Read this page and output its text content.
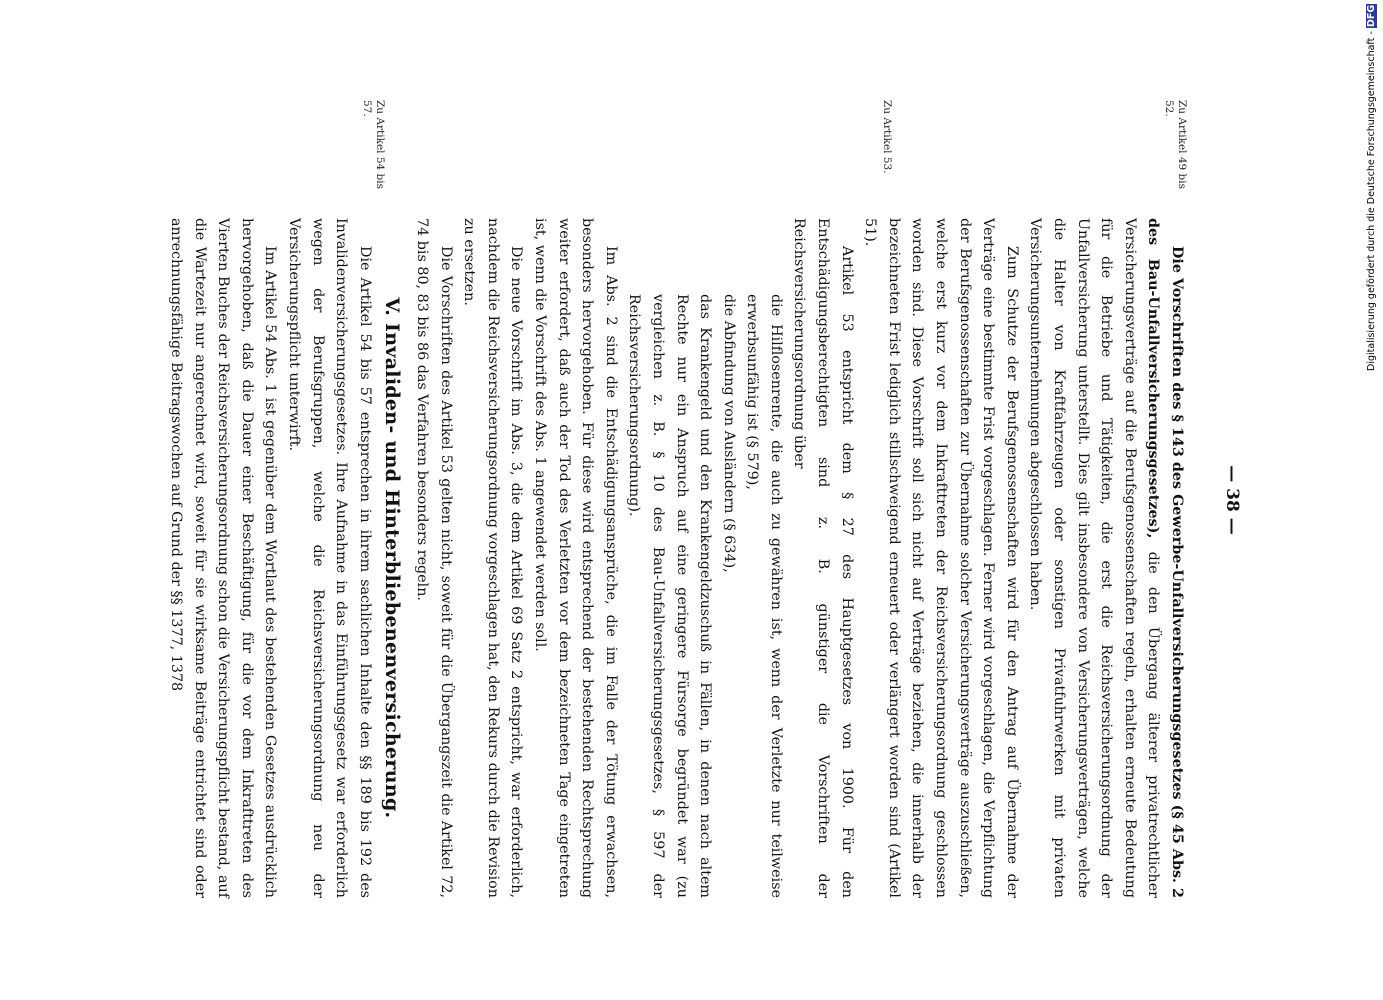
— 38 —
Zu Artikel 49 bis 52.
Zu Artikel 53.
Zu Artikel 54 bis 57.

Die Vorschriften des § 143 des Gewerbe-Unfallversicherungsgesetzes (§ 45 Abs. 2 des Bau-Unfallversicherungsgesetzes), die den Übergang älterer privatrechtlicher Versicherungsverträge auf die Berufsgenossenschaften regeln, erhalten erneute Bedeutung für die Betriebe und Tätigkeiten, die erst die Reichsversicherungsordnung der Unfallversicherung unterstellt. Dies gilt insbesondere von Versicherungsverträgen, welche die Halter von Kraftfahrzeugen oder sonstigen Privatfuhrwerken mit privaten Versicherungsunternehmungen abgeschlossen haben.

Zum Schutze der Berufsgenossenschaften wird für den Antrag auf Übernahme der Verträge eine bestimmte Frist vorgeschlagen. Ferner wird vorgeschlagen, die Verpflichtung der Berufsgenossenschaften zur Übernahme solcher Versicherungsverträge auszuschließen, welche erst kurz vor dem Inkrafttreten der Reichsversicherungsordnung geschlossen worden sind. Diese Vorschrift soll sich nicht auf Verträge beziehen, die innerhalb der bezeichneten Frist lediglich stillschweigend erneuert oder verlängert worden sind (Artikel 51).

Artikel 53 entspricht dem § 27 des Hauptgesetzes von 1900. Für den Entschädigungsberechtigten sind z. B. günstiger die Vorschriften der Reichsversicherungsordnung über

die Hilflosenrente, die auch zu gewähren ist, wenn der Verletzte nur teilweise erwerbsunfähig ist (§ 579),

die Abfindung von Ausländern (§ 634),

das Krankengeld und den Krankengeldzuschuß in Fällen, in denen nach altem Rechte nur ein Anspruch auf eine geringere Fürsorge begründet war (zu vergleichen z. B. § 10 des Bau-Unfallversicherungsgesetzes, § 597 der Reichsversicherungsordnung).

Im Abs. 2 sind die Entschädigungsansprüche, die im Falle der Tötung erwachsen, besonders hervorgehoben. Für diese wird entsprechend der bestehenden Rechtsprechung weiter erfordert, daß auch der Tod des Verletzten vor dem bezeichneten Tage eingetreten ist, wenn die Vorschrift des Abs. 1 angewendet werden soll.

Die neue Vorschrift im Abs. 3, die dem Artikel 69 Satz 2 entspricht, war erforderlich, nachdem die Reichsversicherungsordnung vorgeschlagen hat, den Rekurs durch die Revision zu ersetzen.

Die Vorschriften des Artikel 53 gelten nicht, soweit für die Übergangszeit die Artikel 72, 74 bis 80, 83 bis 86 das Verfahren besonders regeln.

V. Invaliden- und Hinterbliebenenversicherung.

Die Artikel 54 bis 57 entsprechen in ihrem sachlichen Inhalte den §§ 189 bis 192 des Invalidenversicherungsgesetzes. Ihre Aufnahme in das Einführungsgesetz war erforderlich wegen der Berufsgruppen, welche die Reichsversicherungsordnung neu der Versicherungspflicht unterwirft.

Im Artikel 54 Abs. 1 ist gegenüber dem Wortlaut des bestehenden Gesetzes ausdrücklich hervorgehoben, daß die Dauer einer Beschäftigung, für die vor dem Inkrafttreten des Vierten Buches der Reichsversicherungsordnung schon die Versicherungspflicht bestand, auf die Wartezeit nur angerechnet wird, soweit für sie wirksame Beiträge entrichtet sind oder anrechnungsfähige Beitragswochen auf Grund der §§ 1377, 1378

Digitalisierung gefördert durch die Deutsche Forschungsgemeinschaft - DFG
